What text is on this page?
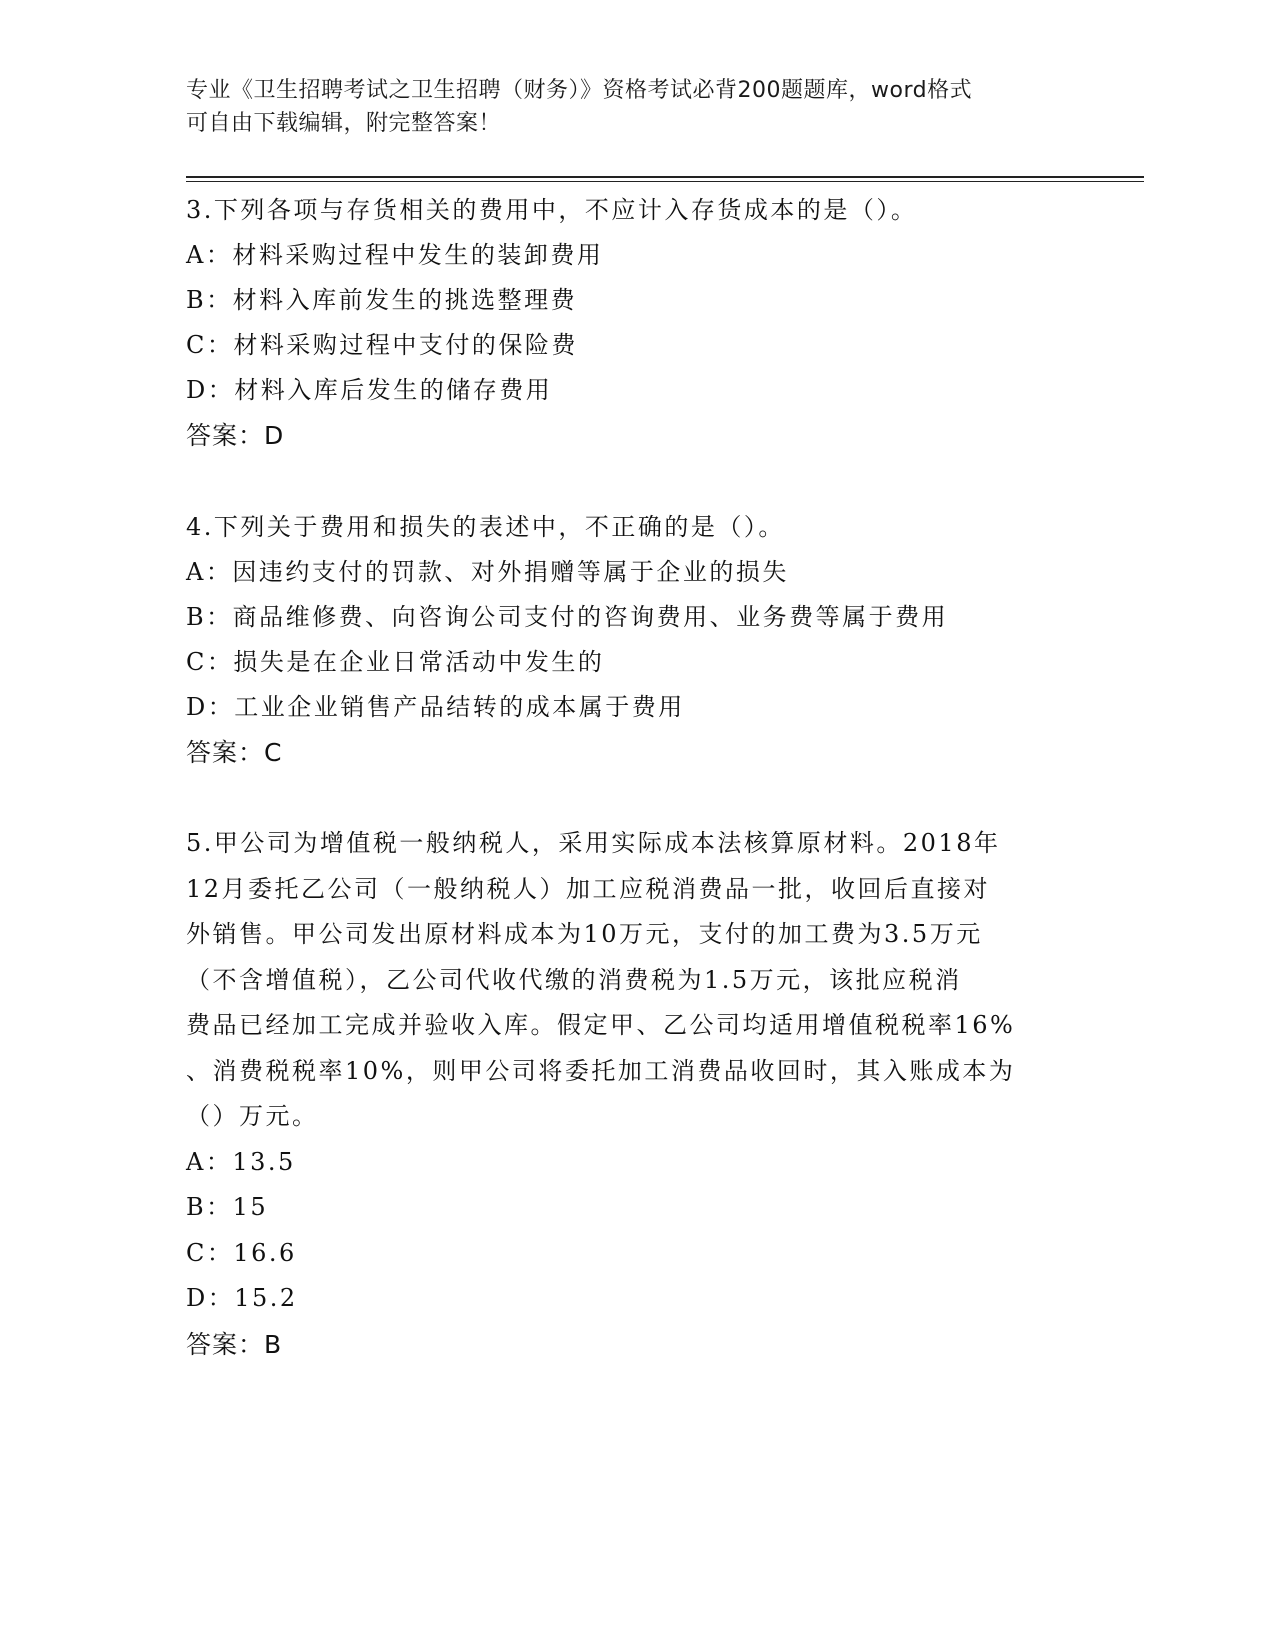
专业《卫生招聘考试之卫生招聘（财务）》资格考试必背200题题库，word格式
可自由下载编辑，附完整答案！
3.下列各项与存货相关的费用中，不应计入存货成本的是（）。
A：材料采购过程中发生的装卸费用
B：材料入库前发生的挑选整理费
C：材料采购过程中支付的保险费
D：材料入库后发生的储存费用
答案：D
4.下列关于费用和损失的表述中，不正确的是（）。
A：因违约支付的罚款、对外捐赠等属于企业的损失
B：商品维修费、向咨询公司支付的咨询费用、业务费等属于费用
C：损失是在企业日常活动中发生的
D：工业企业销售产品结转的成本属于费用
答案：C
5.甲公司为增值税一般纳税人，采用实际成本法核算原材料。2018年
12月委托乙公司（一般纳税人）加工应税消费品一批，收回后直接对
外销售。甲公司发出原材料成本为10万元，支付的加工费为3.5万元
（不含增值税），乙公司代收代缴的消费税为1.5万元，该批应税消
费品已经加工完成并验收入库。假定甲、乙公司均适用增值税税率16%
、消费税税率10%，则甲公司将委托加工消费品收回时，其入账成本为
（）万元。
A：13.5
B：15
C：16.6
D：15.2
答案：B
